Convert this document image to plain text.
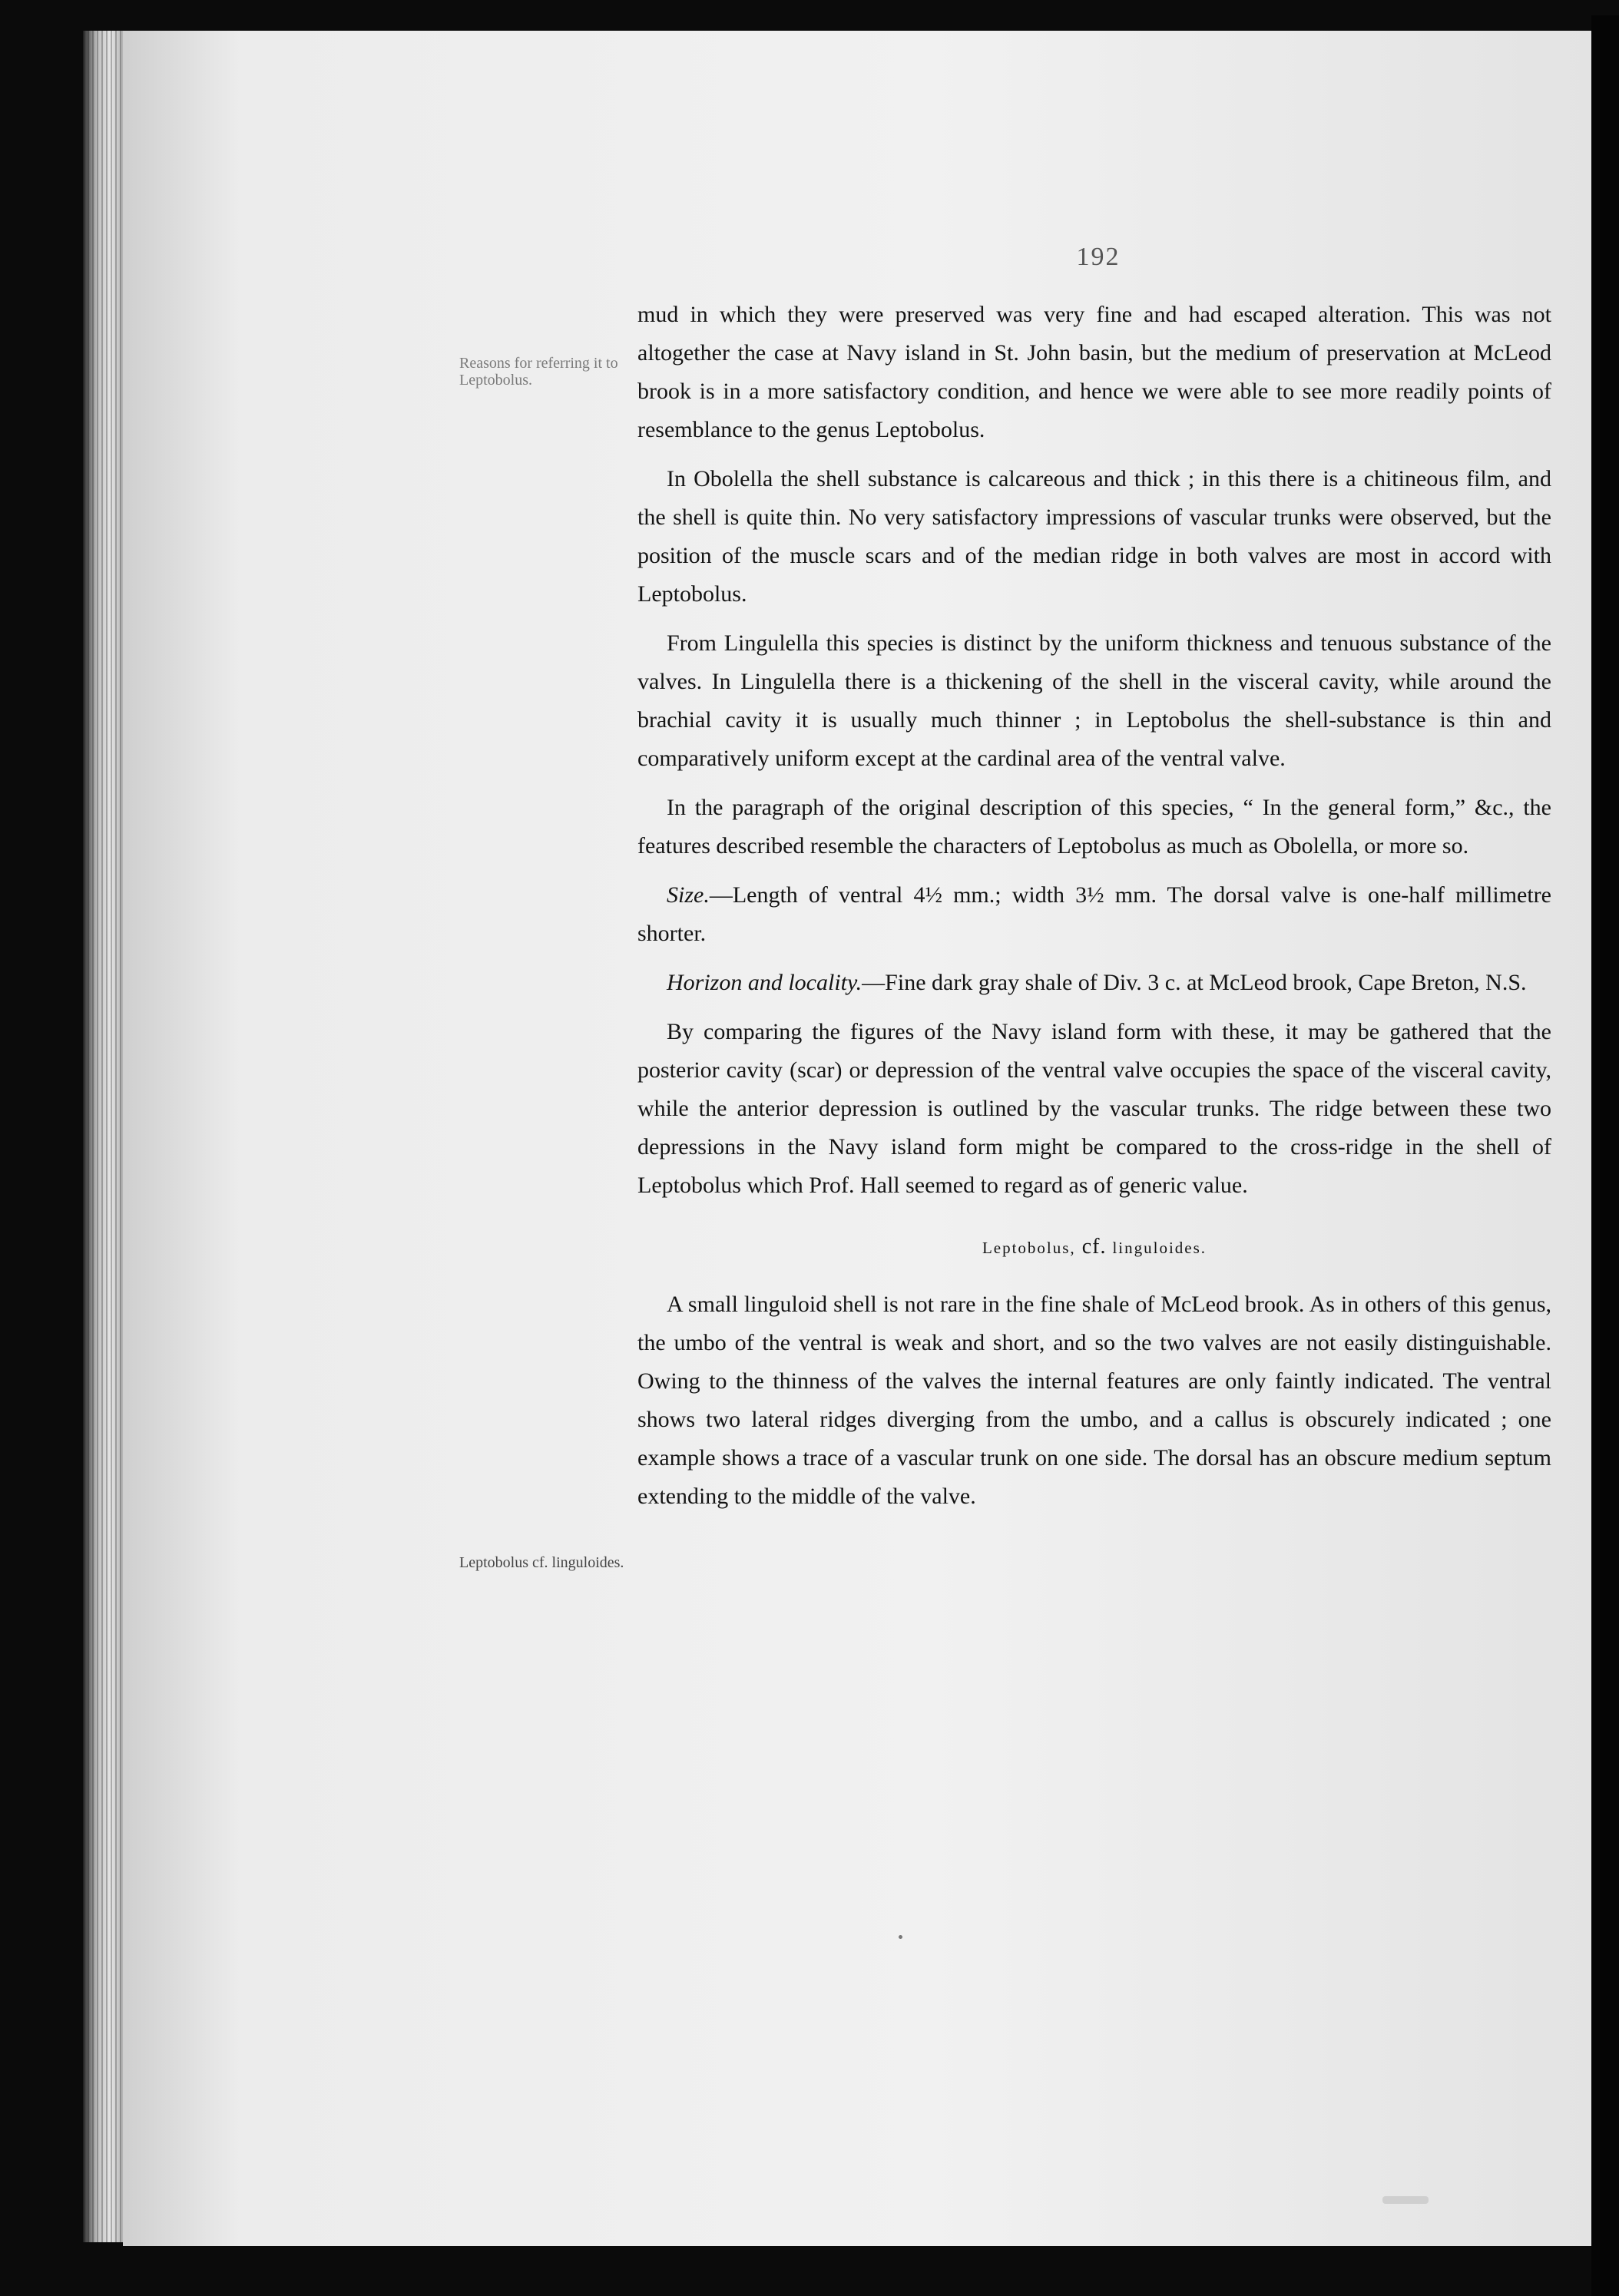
192
Reasons for referring it to Leptobolus.
Leptobolus cf. linguloides.

mud in which they were preserved was very fine and had escaped alteration. This was not altogether the case at Navy island in St. John basin, but the medium of preservation at McLeod brook is in a more satisfactory condition, and hence we were able to see more readily points of resemblance to the genus Leptobolus.

In Obolella the shell substance is calcareous and thick ; in this there is a chitineous film, and the shell is quite thin. No very satisfactory impressions of vascular trunks were observed, but the position of the muscle scars and of the median ridge in both valves are most in accord with Leptobolus.

From Lingulella this species is distinct by the uniform thickness and tenuous substance of the valves. In Lingulella there is a thickening of the shell in the visceral cavity, while around the brachial cavity it is usually much thinner ; in Leptobolus the shell-substance is thin and comparatively uniform except at the cardinal area of the ventral valve.

In the paragraph of the original description of this species, “ In the general form,” &c., the features described resemble the characters of Leptobolus as much as Obolella, or more so.

Size.—Length of ventral 4½ mm.; width 3½ mm. The dorsal valve is one-half millimetre shorter.

Horizon and locality.—Fine dark gray shale of Div. 3 c. at McLeod brook, Cape Breton, N.S.

By comparing the figures of the Navy island form with these, it may be gathered that the posterior cavity (scar) or depression of the ventral valve occupies the space of the visceral cavity, while the anterior depression is outlined by the vascular trunks. The ridge between these two depressions in the Navy island form might be compared to the cross-ridge in the shell of Leptobolus which Prof. Hall seemed to regard as of generic value.

Leptobolus, cf. linguloides.

A small linguloid shell is not rare in the fine shale of McLeod brook. As in others of this genus, the umbo of the ventral is weak and short, and so the two valves are not easily distinguishable. Owing to the thinness of the valves the internal features are only faintly indicated. The ventral shows two lateral ridges diverging from the umbo, and a callus is obscurely indicated ; one example shows a trace of a vascular trunk on one side. The dorsal has an obscure medium septum extending to the middle of the valve.
